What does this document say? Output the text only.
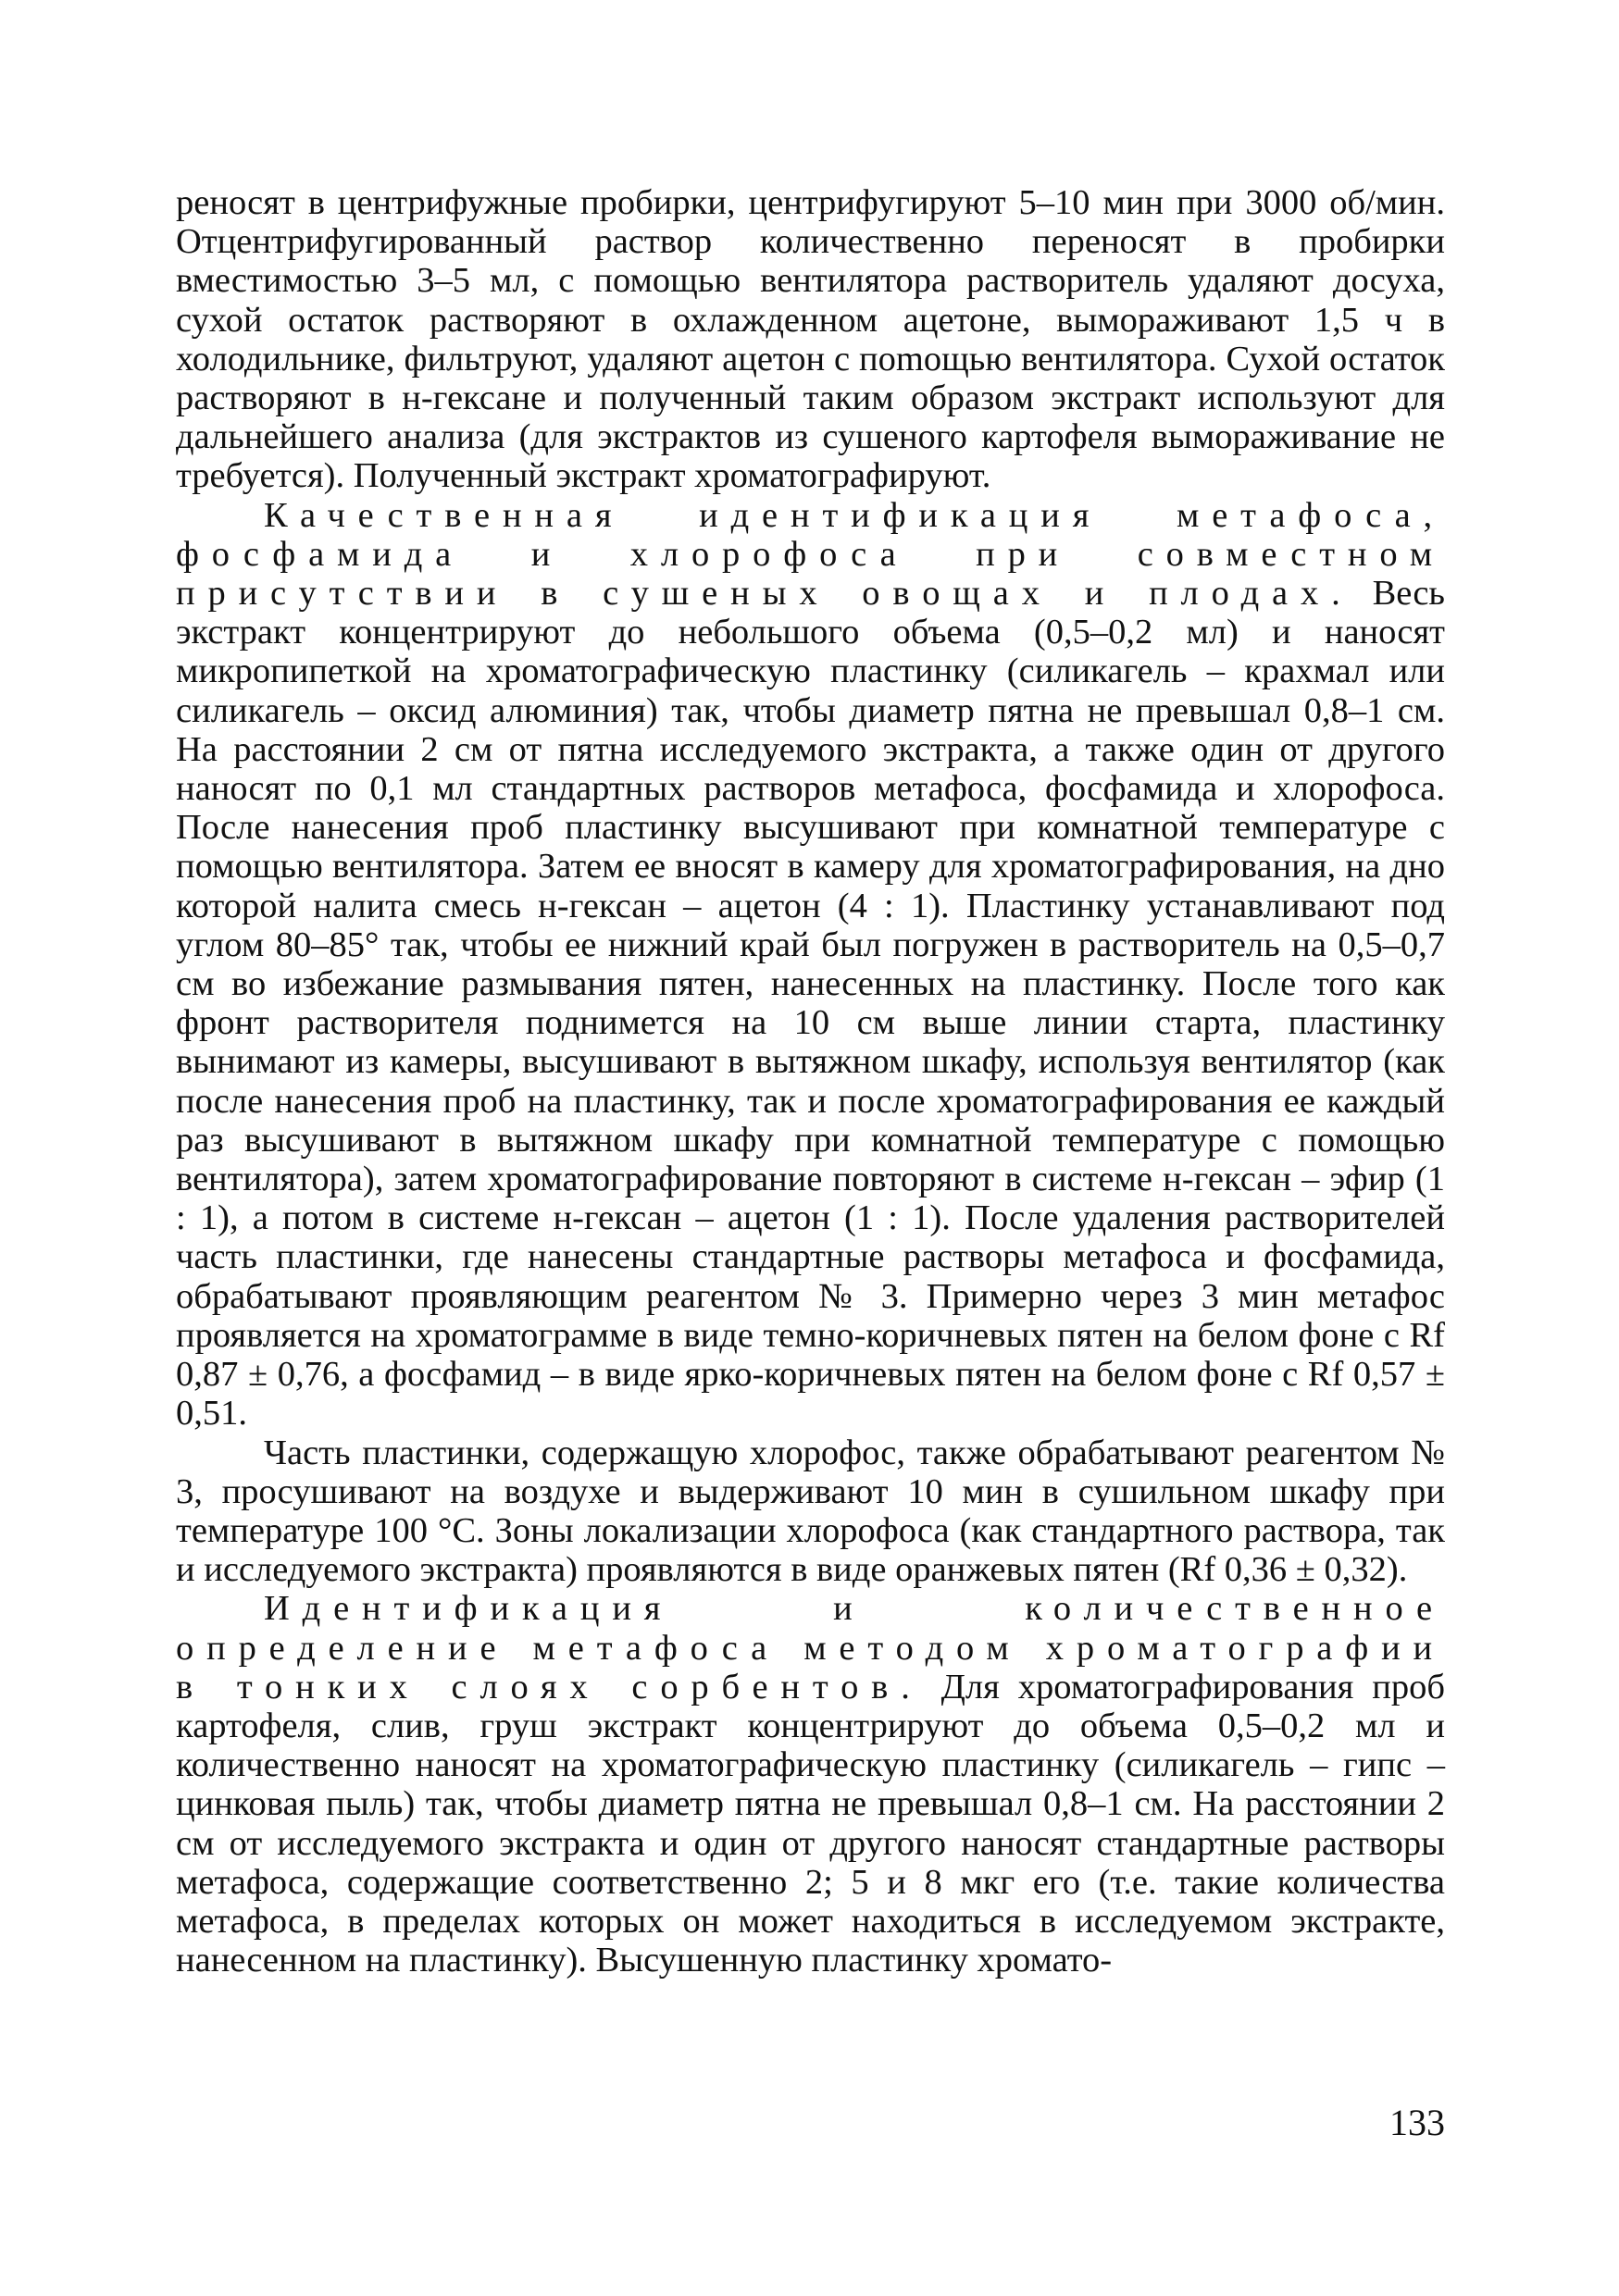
реносят в центрифужные пробирки, центрифугируют 5–10 мин при 3000 об/мин. Отцентрифугированный раствор количественно переносят в пробирки вместимостью 3–5 мл, с помощью вентилятора растворитель удаляют досуха, сухой остаток растворяют в охлажденном ацетоне, вымораживают 1,5 ч в холодильнике, фильтруют, удаляют ацетон с поmощью вентилятора. Сухой остаток растворяют в н-гексане и полученный таким образом экстракт используют для дальнейшего анализа (для экстрактов из сушеного картофеля вымораживание не требуется). Полученный экстракт хроматографируют.

Качественная идентификация метафоса, фосфамида и хлорофоса при совместном присутствии в сушеных овощах и плодах. Весь экстракт концентрируют до небольшого объема (0,5–0,2 мл) и наносят микропипеткой на хроматографическую пластинку (силикагель – крахмал или силикагель – оксид алюминия) так, чтобы диаметр пятна не превышал 0,8–1 см. На расстоянии 2 см от пятна исследуемого экстракта, а также один от другого наносят по 0,1 мл стандартных растворов метафоса, фосфамида и хлорофоса. После нанесения проб пластинку высушивают при комнатной температуре с помощью вентилятора. Затем ее вносят в камеру для хроматографирования, на дно которой налита смесь н-гексан – ацетон (4 : 1). Пластинку устанавливают под углом 80–85° так, чтобы ее нижний край был погружен в растворитель на 0,5–0,7 см во избежание размывания пятен, нанесенных на пластинку. После того как фронт растворителя поднимется на 10 см выше линии старта, пластинку вынимают из камеры, высушивают в вытяжном шкафу, используя вентилятор (как после нанесения проб на пластинку, так и после хроматографирования ее каждый раз высушивают в вытяжном шкафу при комнатной температуре с помощью вентилятора), затем хроматографирование повторяют в системе н-гексан – эфир (1 : 1), а потом в системе н-гексан – ацетон (1 : 1). После удаления растворителей часть пластинки, где нанесены стандартные растворы метафоса и фосфамида, обрабатывают проявляющим реагентом № 3. Примерно через 3 мин метафос проявляется на хроматограмме в виде темно-коричневых пятен на белом фоне с Rf 0,87 ± 0,76, а фосфамид – в виде ярко-коричневых пятен на белом фоне с Rf 0,57 ± 0,51.

Часть пластинки, содержащую хлорофос, также обрабатывают реагентом № 3, просушивают на воздухе и выдерживают 10 мин в сушильном шкафу при температуре 100 °С. Зоны локализации хлорофоса (как стандартного раствора, так и исследуемого экстракта) проявляются в виде оранжевых пятен (Rf 0,36 ± 0,32).

Идентификация и количественное определение метафоса методом хроматографии в тонких слоях сорбентов. Для хроматографирования проб картофеля, слив, груш экстракт концентрируют до объема 0,5–0,2 мл и количественно наносят на хроматографическую пластинку (силикагель – гипс – цинковая пыль) так, чтобы диаметр пятна не превышал 0,8–1 см. На расстоянии 2 см от исследуемого экстракта и один от другого наносят стандартные растворы метафоса, содержащие соответственно 2; 5 и 8 мкг его (т.е. такие количества метафоса, в пределах которых он может находиться в исследуемом экстракте, нанесенном на пластинку). Высушенную пластинку хромато-

133
